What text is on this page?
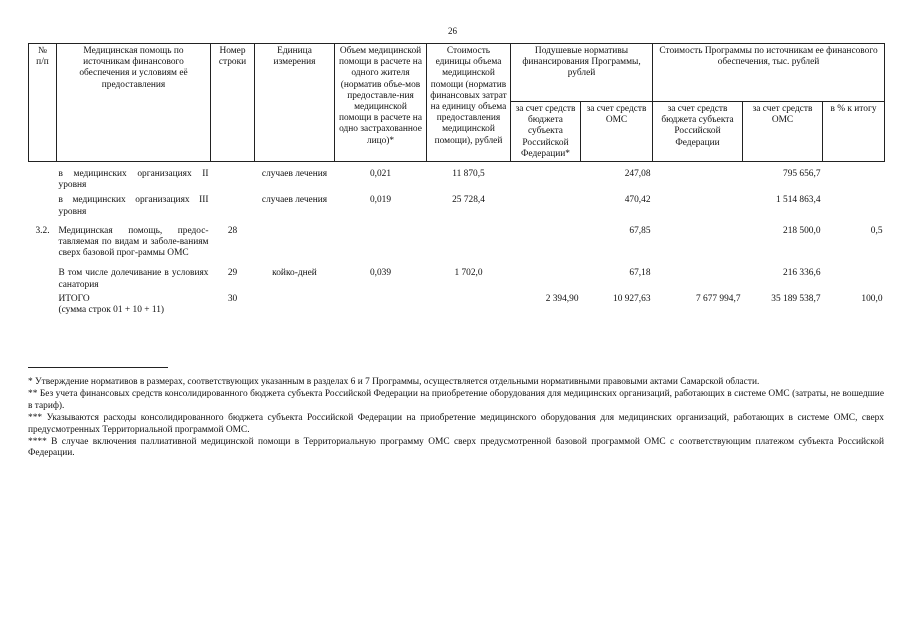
26
№
п/п	Медицинская помощь по источникам финансового обеспечения и условиям её предоставления	Номер строки	Единица измерения	Объем медицинской помощи в расчете на одного жителя (норматив объе-мов предоставле-ния медицинской помощи в расчете на одно застрахованное лицо)*	Стоимость единицы объема медицинской помощи (норматив финансовых затрат на единицу объема предоставления медицинской помощи), рублей	Подушевые нормативы финансирования Программы, рублей		Стоимость Программы по источникам ее финансового обеспечения, тыс. рублей		
						за счет средств бюджета субъекта Российской Федерации*	за счет средств ОМС	за счет средств бюджета субъекта Российской Федерации	за счет средств ОМС	в % к итогу

	в медицинских организациях II уровня		случаев лечения	0,021	11 870,5		247,08		795 656,7	

	в медицинских организациях III уровня		случаев лечения	0,019	25 728,4		470,42		1 514 863,4	

3.2.	Медицинская помощь, предос-тавляемая по видам и заболе-ваниям сверх базовой прог-раммы ОМС	28					67,85		218 500,0	0,5

	В том числе долечивание в условиях санатория	29	койко-дней	0,039	1 702,0		67,18		216 336,6	

	ИТОГО
(сумма строк 01 + 10 + 11)	30				2 394,90	10 927,63	7 677 994,7	35 189 538,7	100,0

* Утверждение нормативов в размерах, соответствующих указанным в разделах 6 и 7 Программы, осуществляется отдельными нормативными правовыми актами Самарской области.

** Без учета финансовых средств консолидированного бюджета субъекта Российской Федерации на приобретение оборудования для медицинских организаций, работающих в системе ОМС (затраты, не вошедшие в тариф).

*** Указываются расходы консолидированного бюджета субъекта Российской Федерации на приобретение медицинского оборудования для медицинских организаций, работающих в системе ОМС, сверх предусмотренных Территориальной программой ОМС.

**** В случае включения паллиативной медицинской помощи в Территориальную программу ОМС сверх предусмотренной базовой программой ОМС с соответствующим платежом субъекта Российской Федерации.
